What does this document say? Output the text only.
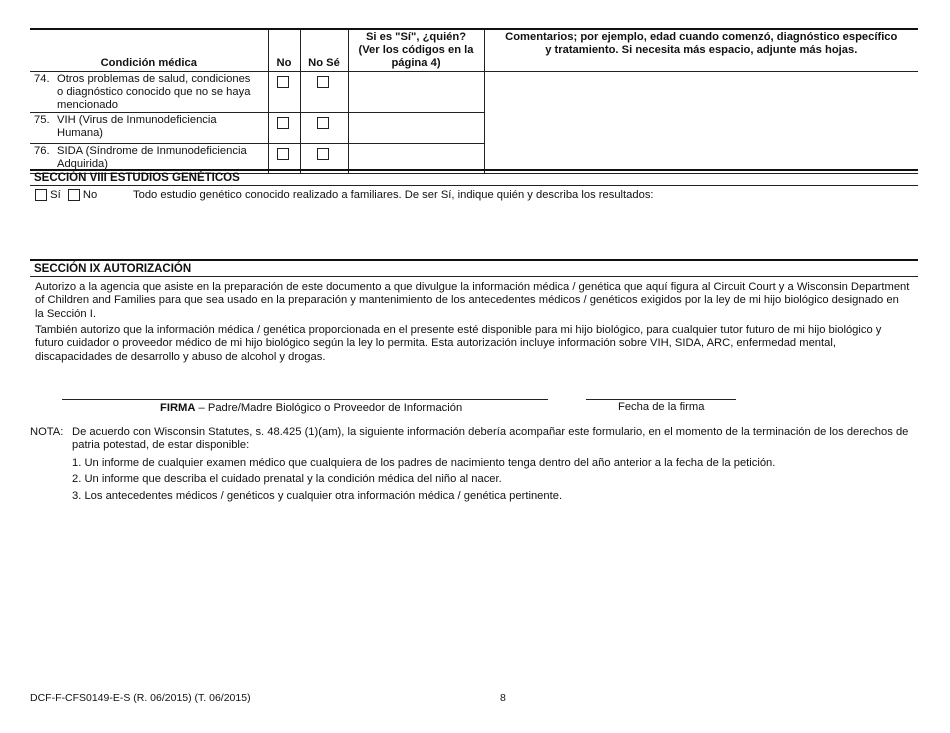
Condición médica	No	No Sé	Si es "Sí", ¿quién? (Ver los códigos en la página 4)	Comentarios; por ejemplo, edad cuando comenzó, diagnóstico específico y tratamiento. Si necesita más espacio, adjunte más hojas.

74. Otros problemas de salud, condiciones o diagnóstico conocido que no se haya mencionado				

75. VIH (Virus de Inmunodeficiencia Humana)				

76. SIDA (Síndrome de Inmunodeficiencia Adquirida)				

SECCIÓN VIII ESTUDIOS GENÉTICOS
Sí No	Todo estudio genético conocido realizado a familiares. De ser Sí, indique quién y describa los resultados:
SECCIÓN IX AUTORIZACIÓN
Autorizo a la agencia que asiste en la preparación de este documento a que divulgue la información médica / genética que aquí figura al Circuit Court y a Wisconsin Department of Children and Families para que sea usado en la preparación y mantenimiento de los antecedentes médicos / genéticos exigidos por la ley de mi hijo biológico designado en la Sección I.
También autorizo que la información médica / genética proporcionada en el presente esté disponible para mi hijo biológico, para cualquier tutor futuro de mi hijo biológico y futuro cuidador o proveedor médico de mi hijo biológico según la ley lo permita. Esta autorización incluye información sobre VIH, SIDA, ARC, enfermedad mental, discapacidades de desarrollo y abuso de alcohol y drogas.
FIRMA – Padre/Madre Biológico o Proveedor de Información	Fecha de la firma
NOTA: De acuerdo con Wisconsin Statutes, s. 48.425 (1)(am), la siguiente información debería acompañar este formulario, en el momento de la terminación de los derechos de patria potestad, de estar disponible:
1. Un informe de cualquier examen médico que cualquiera de los padres de nacimiento tenga dentro del año anterior a la fecha de la petición.
2. Un informe que describa el cuidado prenatal y la condición médica del niño al nacer.
3. Los antecedentes médicos / genéticos y cualquier otra información médica / genética pertinente.
DCF-F-CFS0149-E-S (R. 06/2015) (T. 06/2015)	8
